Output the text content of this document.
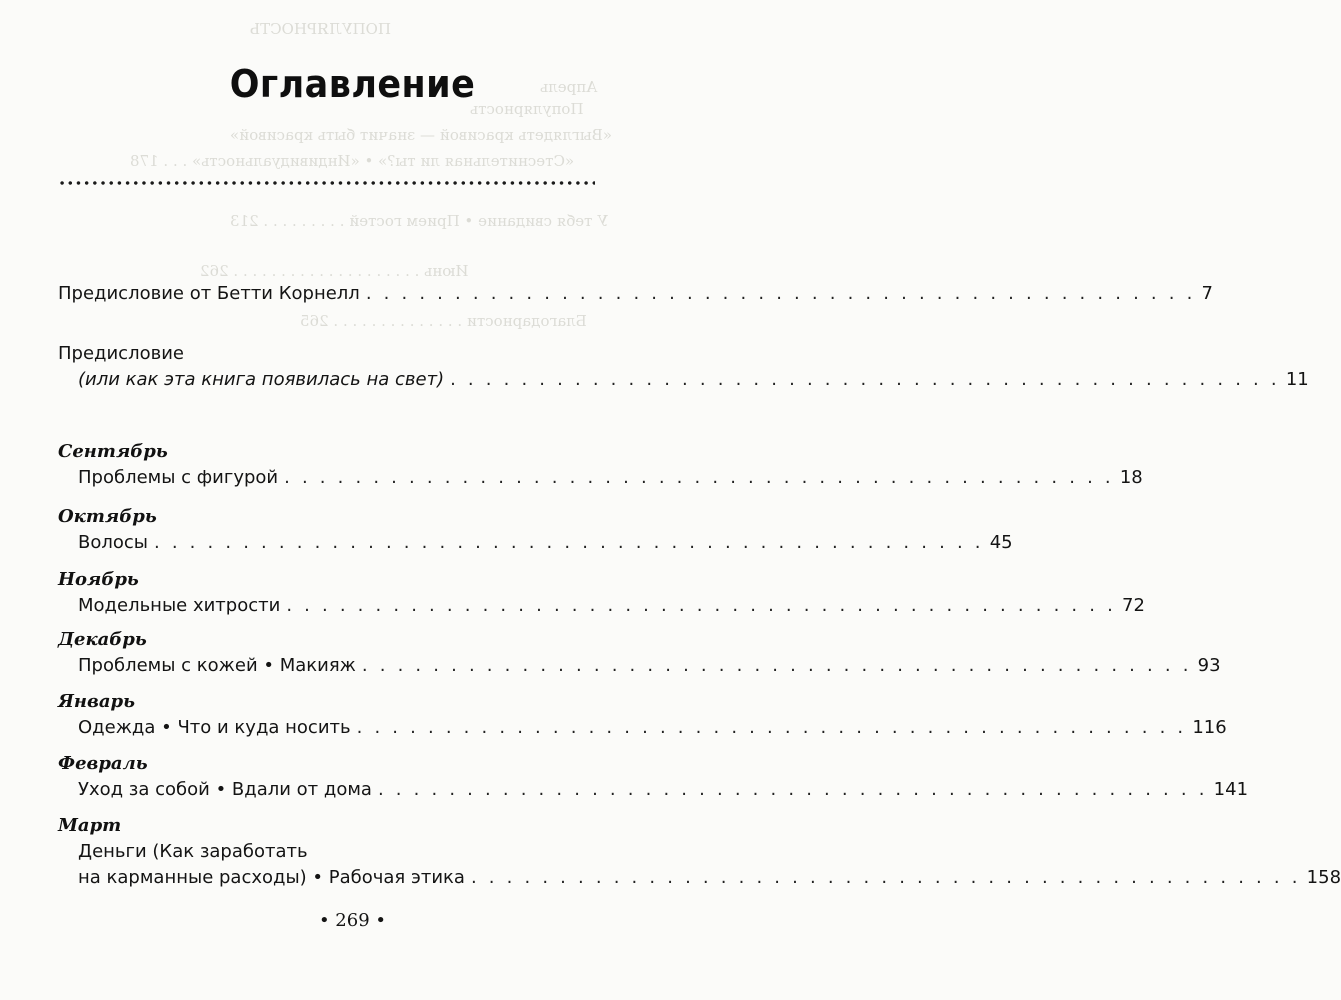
ПОПУЛЯРНОСТЬ
Апрель
Популярность
«Выглядеть красивой — значит быть красивой»
«Стеснительная ли ты?» • «Индивидуальность» . . . 178
У тебя свидание • Прием гостей . . . . . . . . . 213
Июнь . . . . . . . . . . . . . . . . . . . . 262
Благодарности . . . . . . . . . . . . . . 265
Оглавление
Предисловие от Бетти Корнелл . . . . . . . . . . . . . . . . . . . . . . . . . . . . . . . . . . . . . . . . . . . . . . . 7
Предисловие
(или как эта книга появилась на свет) . . . . . . . . . . . . . . . . . . . . . . . . . . . . . . . . . . . . . . . . . . . . . . . 11
Сентябрь
Проблемы с фигурой . . . . . . . . . . . . . . . . . . . . . . . . . . . . . . . . . . . . . . . . . . . . . . . 18
Октябрь
Волосы . . . . . . . . . . . . . . . . . . . . . . . . . . . . . . . . . . . . . . . . . . . . . . . 45
Ноябрь
Модельные хитрости . . . . . . . . . . . . . . . . . . . . . . . . . . . . . . . . . . . . . . . . . . . . . . . 72
Декабрь
Проблемы с кожей • Макияж . . . . . . . . . . . . . . . . . . . . . . . . . . . . . . . . . . . . . . . . . . . . . . . 93
Январь
Одежда • Что и куда носить . . . . . . . . . . . . . . . . . . . . . . . . . . . . . . . . . . . . . . . . . . . . . . . 116
Февраль
Уход за собой • Вдали от дома . . . . . . . . . . . . . . . . . . . . . . . . . . . . . . . . . . . . . . . . . . . . . . . 141
Март
Деньги (Как заработать
на карманные расходы) • Рабочая этика . . . . . . . . . . . . . . . . . . . . . . . . . . . . . . . . . . . . . . . . . . . . . . . 158
• 269 •
